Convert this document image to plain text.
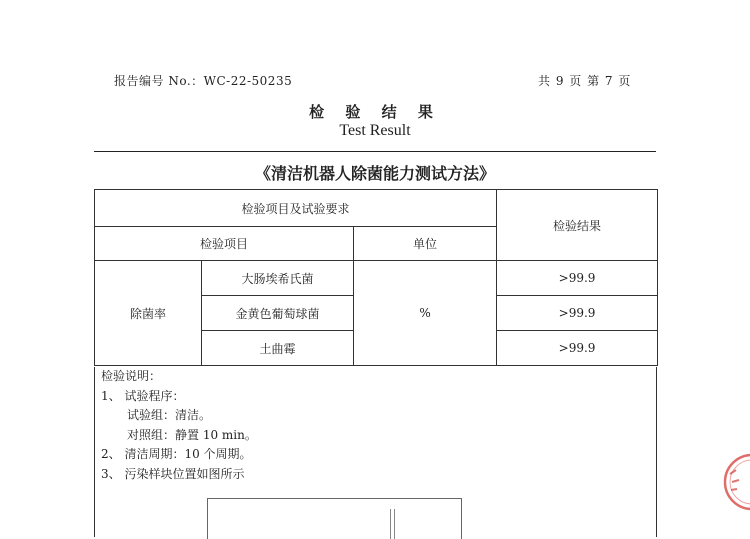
报告编号 No.：WC-22-50235	共 9 页 第 7 页
检 验 结 果
Test Result
《清洁机器人除菌能力测试方法》
检验项目及试验要求			检验结果
检验项目		单位	
除菌率	大肠埃希氏菌	%	>99.9
	金黄色葡萄球菌		>99.9
	土曲霉		>99.9
检验说明：
1、 试验程序：
试验组：清洁。
对照组：静置 10 min。
2、 清洁周期：10 个周期。
3、 污染样块位置如图所示
